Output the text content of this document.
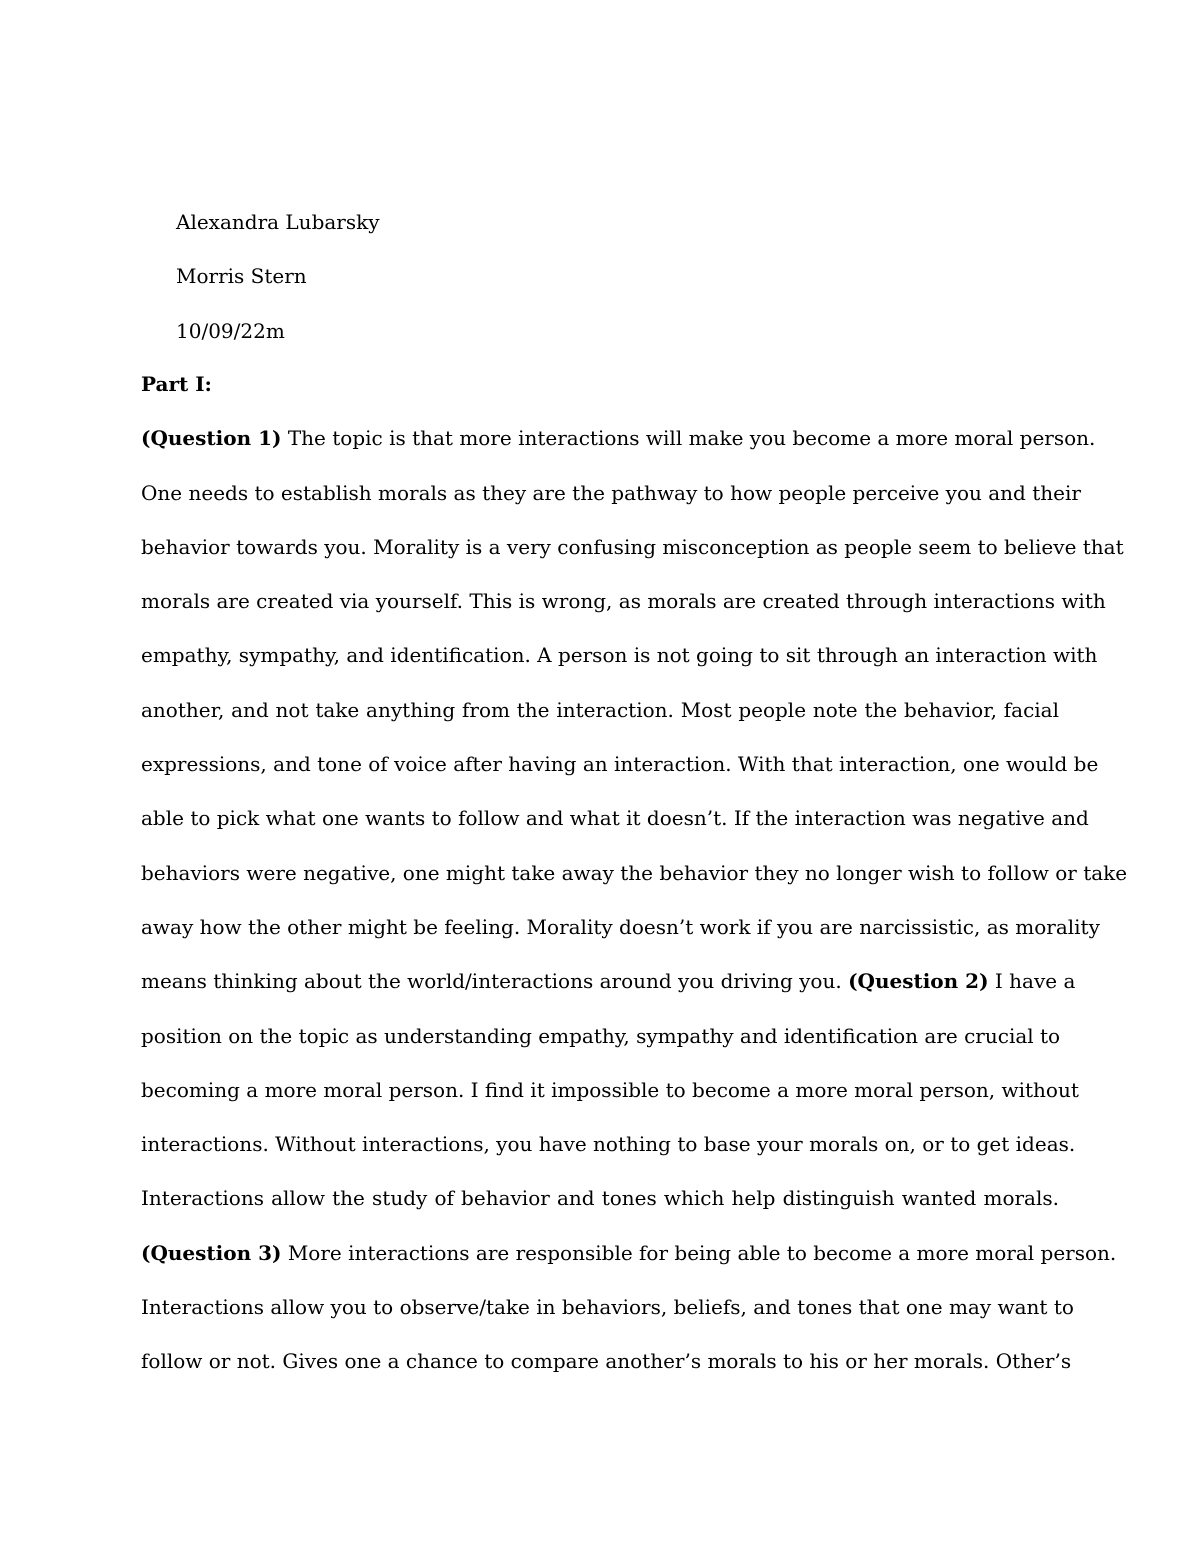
Alexandra Lubarsky
Morris Stern
10/09/22m
Part I:
(Question 1) The topic is that more interactions will make you become a more moral person.
One needs to establish morals as they are the pathway to how people perceive you and their
behavior towards you. Morality is a very confusing misconception as people seem to believe that
morals are created via yourself. This is wrong, as morals are created through interactions with
empathy, sympathy, and identification. A person is not going to sit through an interaction with
another, and not take anything from the interaction. Most people note the behavior, facial
expressions, and tone of voice after having an interaction. With that interaction, one would be
able to pick what one wants to follow and what it doesn’t. If the interaction was negative and
behaviors were negative, one might take away the behavior they no longer wish to follow or take
away how the other might be feeling. Morality doesn’t work if you are narcissistic, as morality
means thinking about the world/interactions around you driving you. (Question 2) I have a
position on the topic as understanding empathy, sympathy and identification are crucial to
becoming a more moral person. I find it impossible to become a more moral person, without
interactions. Without interactions, you have nothing to base your morals on, or to get ideas.
Interactions allow the study of behavior and tones which help distinguish wanted morals.
(Question 3) More interactions are responsible for being able to become a more moral person.
Interactions allow you to observe/take in behaviors, beliefs, and tones that one may want to
follow or not. Gives one a chance to compare another’s morals to his or her morals. Other’s
